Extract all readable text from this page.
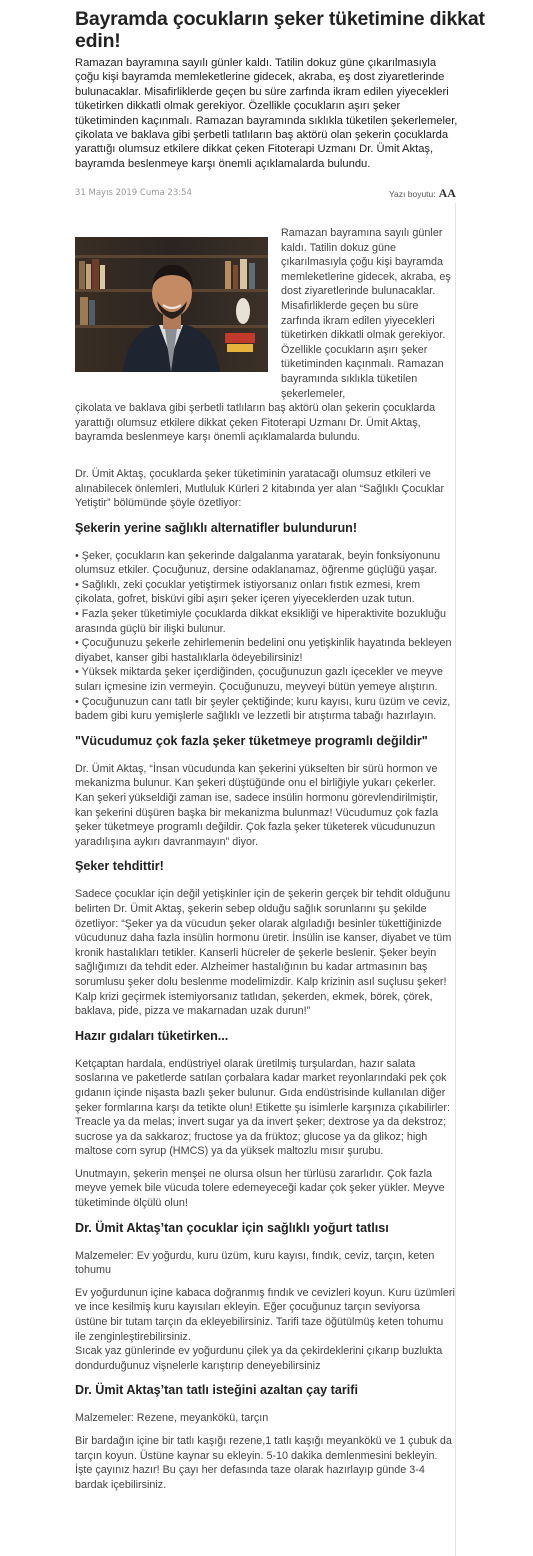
Bayramda çocukların şeker tüketimine dikkat edin!

Ramazan bayramına sayılı günler kaldı. Tatilin dokuz güne çıkarılmasıyla çoğu kişi bayramda memleketlerine gidecek, akraba, eş dost ziyaretlerinde bulunacaklar. Misafirliklerde geçen bu süre zarfında ikram edilen yiyecekleri tüketirken dikkatli olmak gerekiyor. Özellikle çocukların aşırı şeker tüketiminden kaçınmalı. Ramazan bayramında sıklıkla tüketilen şekerlemeler, çikolata ve baklava gibi şerbetli tatlıların baş aktörü olan şekerin çocuklarda yarattığı olumsuz etkilere dikkat çeken Fitoterapi Uzmanı Dr. Ümit Aktaş, bayramda beslenmeye karşı önemli açıklamalarda bulundu.

31 Mayıs 2019 Cuma 23:54	Yazı boyutu: AA

Ramazan bayramına sayılı günler kaldı. Tatilin dokuz güne çıkarılmasıyla çoğu kişi bayramda memleketlerine gidecek, akraba, eş dost ziyaretlerinde bulunacaklar. Misafirliklerde geçen bu süre zarfında ikram edilen yiyecekleri tüketirken dikkatli olmak gerekiyor. Özellikle çocukların aşırı şeker tüketiminden kaçınmalı. Ramazan bayramında sıklıkla tüketilen şekerlemeler,

çikolata ve baklava gibi şerbetli tatlıların baş aktörü olan şekerin çocuklarda yarattığı olumsuz etkilere dikkat çeken Fitoterapi Uzmanı Dr. Ümit Aktaş, bayramda beslenmeye karşı önemli açıklamalarda bulundu.

Dr. Ümit Aktaş, çocuklarda şeker tüketiminin yaratacağı olumsuz etkileri ve alınabilecek önlemleri, Mutluluk Kürleri 2 kitabında yer alan “Sağlıklı Çocuklar Yetiştir” bölümünde şöyle özetliyor:

Şekerin yerine sağlıklı alternatifler bulundurun!
• Şeker, çocukların kan şekerinde dalgalanma yaratarak, beyin fonksiyonunu olumsuz etkiler. Çocuğunuz, dersine odaklanamaz, öğrenme güçlüğü yaşar.
• Sağlıklı, zeki çocuklar yetiştirmek istiyorsanız onları fıstık ezmesi, krem çikolata, gofret, bisküvi gibi aşırı şeker içeren yiyeceklerden uzak tutun.
• Fazla şeker tüketimiyle çocuklarda dikkat eksikliği ve hiperaktivite bozukluğu arasında güçlü bir ilişki bulunur.
• Çocuğunuzu şekerle zehirlemenin bedelini onu yetişkinlik hayatında bekleyen diyabet, kanser gibi hastalıklarla ödeyebilirsiniz!
• Yüksek miktarda şeker içerdiğinden, çocuğunuzun gazlı içecekler ve meyve suları içmesine izin vermeyin. Çocuğunuzu, meyveyi bütün yemeye alıştırın.
• Çocuğunuzun canı tatlı bir şeyler çektiğinde; kuru kayısı, kuru üzüm ve ceviz, badem gibi kuru yemişlerle sağlıklı ve lezzetli bir atıştırma tabağı hazırlayın.
"Vücudumuz çok fazla şeker tüketmeye programlı değildir"

Dr. Ümit Aktaş, “İnsan vücudunda kan şekerini yükselten bir sürü hormon ve mekanizma bulunur. Kan şekeri düştüğünde onu el birliğiyle yukarı çekerler. Kan şekeri yükseldiği zaman ise, sadece insülin hormonu görevlendirilmiştir, kan şekerini düşüren başka bir mekanizma bulunmaz! Vücudumuz çok fazla şeker tüketmeye programlı değildir. Çok fazla şeker tüketerek vücudunuzun yaradılışına aykırı davranmayın” diyor.

Şeker tehdittir!

Sadece çocuklar için değil yetişkinler için de şekerin gerçek bir tehdit olduğunu belirten Dr. Ümit Aktaş, şekerin sebep olduğu sağlık sorunlarını şu şekilde özetliyor: “Şeker ya da vücudun şeker olarak algıladığı besinler tükettiğinizde vücudunuz daha fazla insülin hormonu üretir. İnsülin ise kanser, diyabet ve tüm kronik hastalıkları tetikler. Kanserli hücreler de şekerle beslenir. Şeker beyin sağlığımızı da tehdit eder. Alzheimer hastalığının bu kadar artmasının baş sorumlusu şeker dolu beslenme modelimizdir. Kalp krizinin asıl suçlusu şeker! Kalp krizi geçirmek istemiyorsanız tatlıdan, şekerden, ekmek, börek, çörek, baklava, pide, pizza ve makarnadan uzak durun!”

Hazır gıdaları tüketirken...

Ketçaptan hardala, endüstriyel olarak üretilmiş turşulardan, hazır salata soslarına ve paketlerde satılan çorbalara kadar market reyonlarındaki pek çok gıdanın içinde nişasta bazlı şeker bulunur. Gıda endüstrisinde kullanılan diğer şeker formlarına karşı da tetikte olun! Etikette şu isimlerle karşınıza çıkabilirler: Treacle ya da melas; invert sugar ya da invert şeker; dextrose ya da dekstroz; sucrose ya da sakkaroz; fructose ya da früktoz; glucose ya da glikoz; high maltose corn syrup (HMCS) ya da yüksek maltozlu mısır şurubu.

Unutmayın, şekerin menşei ne olursa olsun her türlüsü zararlıdır. Çok fazla meyve yemek bile vücuda tolere edemeyeceği kadar çok şeker yükler. Meyve tüketiminde ölçülü olun!

Dr. Ümit Aktaş’tan çocuklar için sağlıklı yoğurt tatlısı

Malzemeler: Ev yoğurdu, kuru üzüm, kuru kayısı, fındık, ceviz, tarçın, keten tohumu

Ev yoğurdunun içine kabaca doğranmış fındık ve cevizleri koyun. Kuru üzümleri ve ince kesilmiş kuru kayısıları ekleyin. Eğer çocuğunuz tarçın seviyorsa üstüne bir tutam tarçın da ekleyebilirsiniz. Tarifi taze öğütülmüş keten tohumu ile zenginleştirebilirsiniz.
Sıcak yaz günlerinde ev yoğurdunu çilek ya da çekirdeklerini çıkarıp buzlukta dondurduğunuz vişnelerle karıştırıp deneyebilirsiniz

Dr. Ümit Aktaş’tan tatlı isteğini azaltan çay tarifi

Malzemeler: Rezene, meyankökü, tarçın

Bir bardağın içine bir tatlı kaşığı rezene,1 tatlı kaşığı meyankökü ve 1 çubuk da tarçın koyun. Üstüne kaynar su ekleyin. 5-10 dakika demlenmesini bekleyin. İşte çayınız hazır! Bu çayı her defasında taze olarak hazırlayıp günde 3-4 bardak içebilirsiniz.
